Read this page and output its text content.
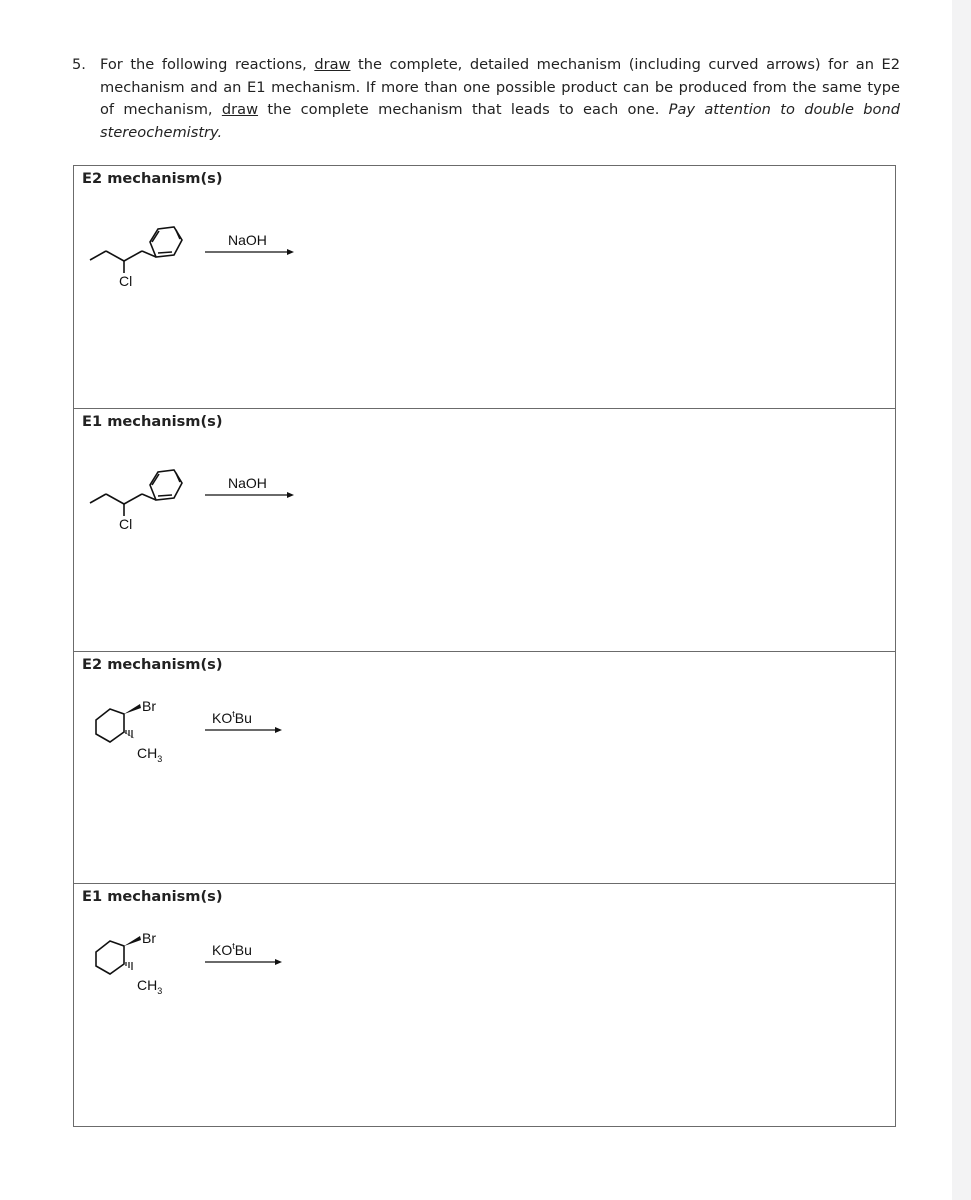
5. For the following reactions, draw the complete, detailed mechanism (including curved arrows) for an E2 mechanism and an E1 mechanism. If more than one possible product can be produced from the same type of mechanism, draw the complete mechanism that leads to each one. Pay attention to double bond stereochemistry.
E2 mechanism(s)
Cl
NaOH
E1 mechanism(s)
Cl
NaOH
E2 mechanism(s)
Br
$CH_3$
$KO^tBu$
E1 mechanism(s)
Br
$CH_3$
$KO^tBu$
